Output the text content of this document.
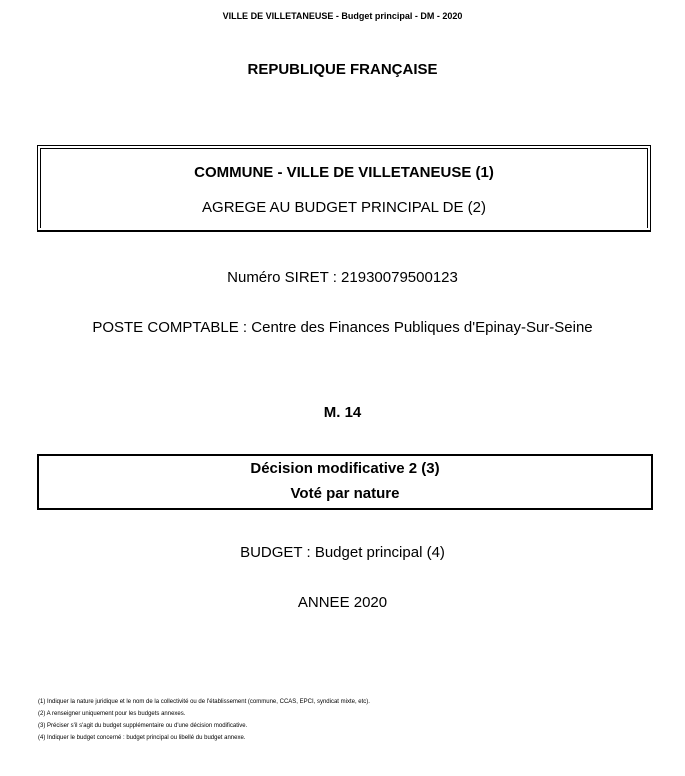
VILLE DE VILLETANEUSE - Budget principal - DM - 2020
REPUBLIQUE FRANÇAISE
COMMUNE - VILLE DE VILLETANEUSE (1)
AGREGE AU BUDGET PRINCIPAL DE (2)
Numéro SIRET : 21930079500123
POSTE COMPTABLE : Centre des Finances Publiques d'Epinay-Sur-Seine
M. 14
Décision modificative 2 (3)
Voté par nature
BUDGET : Budget principal (4)
ANNEE 2020
(1) Indiquer la nature juridique et le nom de la collectivité ou de l'établissement (commune, CCAS, EPCI, syndicat mixte, etc).
(2) A renseigner uniquement pour les budgets annexes.
(3) Préciser s'il s'agit du budget supplémentaire ou d'une décision modificative.
(4) Indiquer le budget concerné : budget principal ou libellé du budget annexe.
